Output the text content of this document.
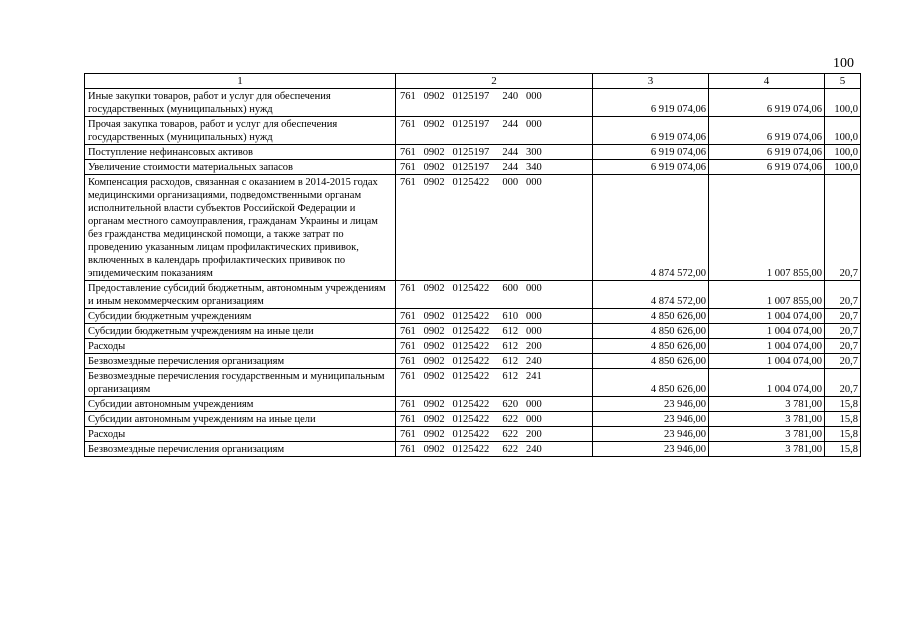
100
1	2	3	4	5
Иные закупки товаров, работ и услуг для обеспечения государственных (муниципальных) нужд	761   0902   0125197     240   000	6 919 074,06	6 919 074,06	100,0
Прочая закупка товаров, работ и услуг для обеспечения государственных (муниципальных) нужд	761   0902   0125197     244   000	6 919 074,06	6 919 074,06	100,0
Поступление нефинансовых активов	761   0902   0125197     244   300	6 919 074,06	6 919 074,06	100,0
Увеличение стоимости материальных запасов	761   0902   0125197     244   340	6 919 074,06	6 919 074,06	100,0
Компенсация расходов, связанная с оказанием в 2014-2015 годах медицинскими организациями, подведомственными органам исполнительной власти субъектов Российской Федерации и органам местного самоуправления, гражданам Украины и лицам без гражданства медицинской помощи, а также затрат по проведению указанным лицам профилактических прививок, включенных в календарь профилактических прививок по эпидемическим показаниям	761   0902   0125422     000   000	4 874 572,00	1 007 855,00	20,7
Предоставление субсидий бюджетным, автономным учреждениям и иным некоммерческим организациям	761   0902   0125422     600   000	4 874 572,00	1 007 855,00	20,7
Субсидии бюджетным учреждениям	761   0902   0125422     610   000	4 850 626,00	1 004 074,00	20,7
Субсидии бюджетным учреждениям на иные цели	761   0902   0125422     612   000	4 850 626,00	1 004 074,00	20,7
Расходы	761   0902   0125422     612   200	4 850 626,00	1 004 074,00	20,7
Безвозмездные перечисления организациям	761   0902   0125422     612   240	4 850 626,00	1 004 074,00	20,7
Безвозмездные перечисления государственным и муниципальным организациям	761   0902   0125422     612   241	4 850 626,00	1 004 074,00	20,7
Субсидии автономным учреждениям	761   0902   0125422     620   000	23 946,00	3 781,00	15,8
Субсидии автономным учреждениям на иные цели	761   0902   0125422     622   000	23 946,00	3 781,00	15,8
Расходы	761   0902   0125422     622   200	23 946,00	3 781,00	15,8
Безвозмездные перечисления организациям	761   0902   0125422     622   240	23 946,00	3 781,00	15,8
